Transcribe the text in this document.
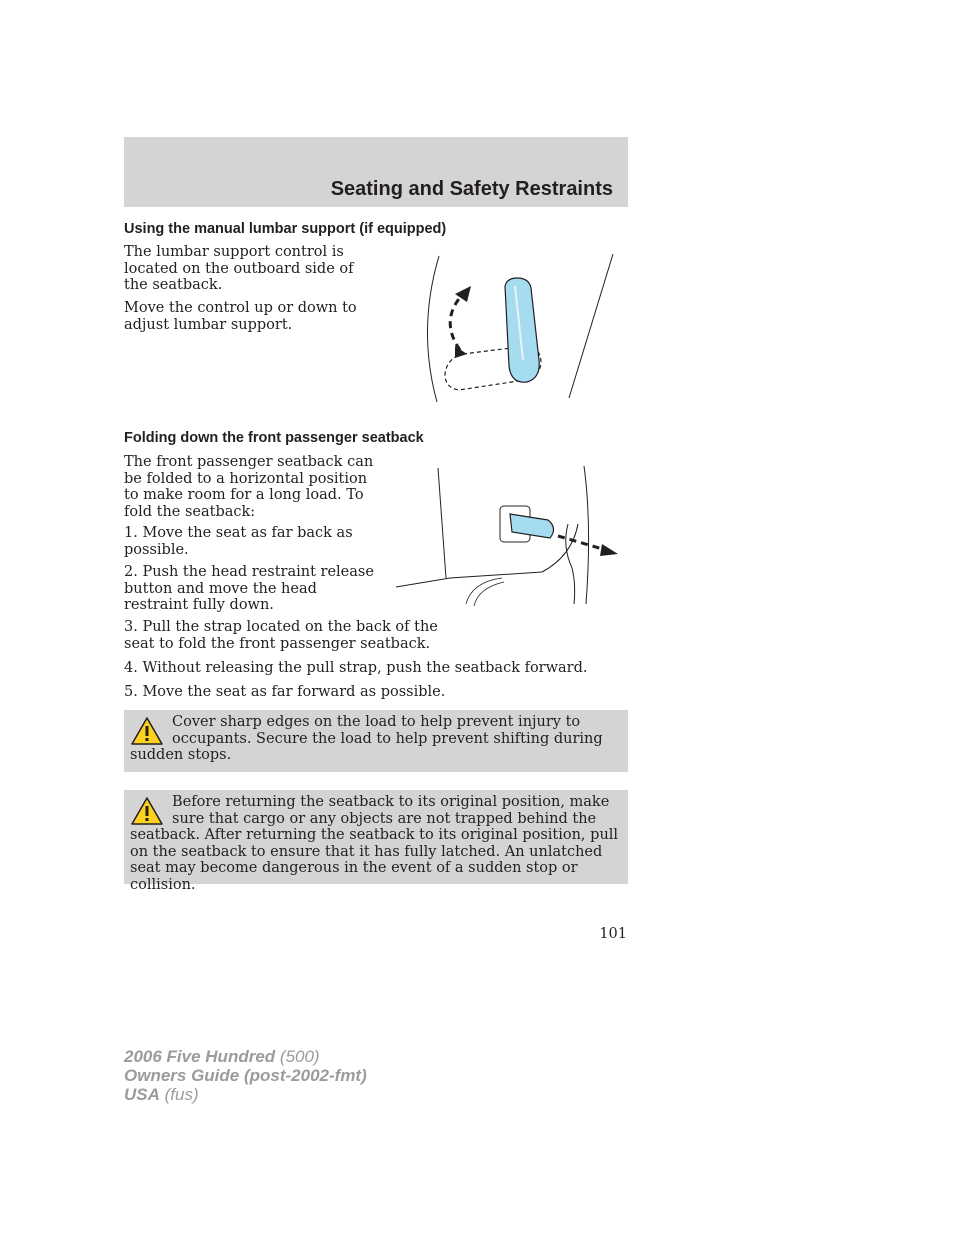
Seating and Safety Restraints
Using the manual lumbar support (if equipped)

The lumbar support control is located on the outboard side of the seatback.

Move the control up or down to adjust lumbar support.

Folding down the front passenger seatback

The front passenger seatback can be folded to a horizontal position to make room for a long load. To fold the seatback:

1. Move the seat as far back as possible.

2. Push the head restraint release button and move the head restraint fully down.

3. Pull the strap located on the back of the seat to fold the front passenger seatback.

4. Without releasing the pull strap, push the seatback forward.

5. Move the seat as far forward as possible.

Cover sharp edges on the load to help prevent injury to occupants. Secure the load to help prevent shifting during sudden stops.
Before returning the seatback to its original position, make sure that cargo or any objects are not trapped behind the seatback. After returning the seatback to its original position, pull on the seatback to ensure that it has fully latched. An unlatched seat may become dangerous in the event of a sudden stop or collision.
101
2006 Five Hundred (500)
Owners Guide (post-2002-fmt)
USA (fus)
